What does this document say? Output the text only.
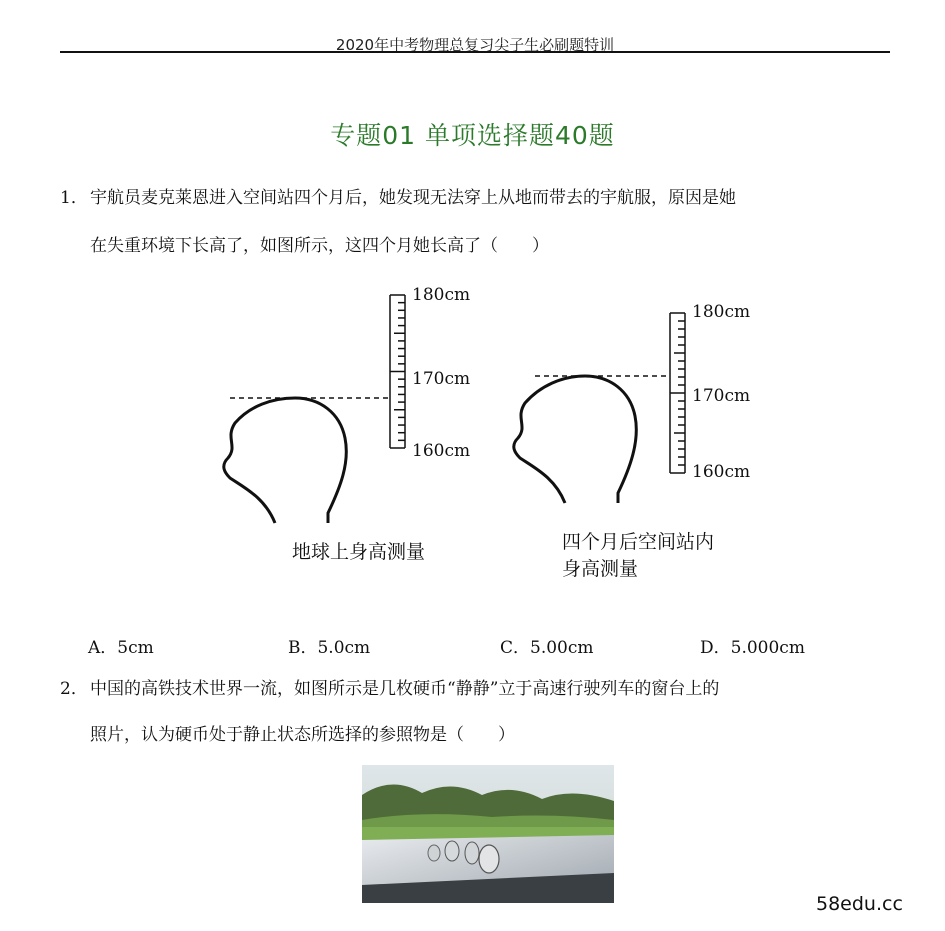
2020年中考物理总复习尖子生必刷题特训
专题01 单项选择题40题
1． 宇航员麦克莱恩进入空间站四个月后，她发现无法穿上从地而带去的宇航服，原因是她
在失重环境下长高了，如图所示，这四个月她长高了（　　）
180cm
170cm
160cm
180cm
170cm
160cm
地球上身高测量	四个月后空间站内
身高测量
A．5cm	B．5.0cm	C．5.00cm	D．5.000cm
2． 中国的高铁技术世界一流，如图所示是几枚硬币“静静”立于高速行驶列车的窗台上的
照片，认为硬币处于静止状态所选择的参照物是（　　）
58edu.cc
